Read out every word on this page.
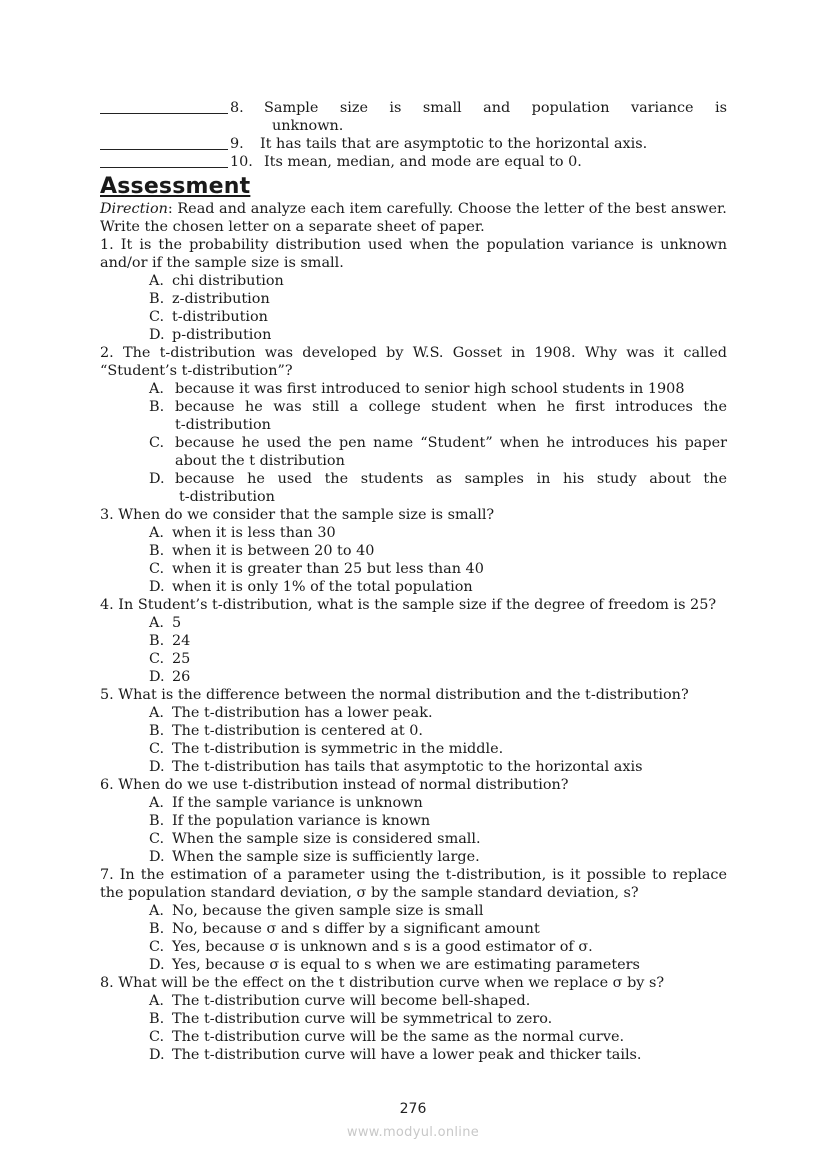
8.	Sample size is small and population variance is
unknown.
9.	It has tails that are asymptotic to the horizontal axis.
10. Its mean, median, and mode are equal to 0.
Assessment
Direction: Read and analyze each item carefully. Choose the letter of the best answer.
Write the chosen letter on a separate sheet of paper.
1. It is the probability distribution used when the population variance is unknown
and/or if the sample size is small.
A. chi distribution
B. z-distribution
C. t-distribution
D. p-distribution
2. The t-distribution was developed by W.S. Gosset in 1908. Why was it called
“Student’s t-distribution”?
A. because it was first introduced to senior high school students in 1908
B. because he was still a college student when he first introduces the
t-distribution
C. because he used the pen name “Student” when he introduces his paper
about the t distribution
D. because he used the students as samples in his study about the
t-distribution
3. When do we consider that the sample size is small?
A. when it is less than 30
B. when it is between 20 to 40
C. when it is greater than 25 but less than 40
D. when it is only 1% of the total population
4. In Student’s t-distribution, what is the sample size if the degree of freedom is 25?
A. 5
B. 24
C. 25
D. 26
5. What is the difference between the normal distribution and the t-distribution?
A. The t-distribution has a lower peak.
B. The t-distribution is centered at 0.
C. The t-distribution is symmetric in the middle.
D. The t-distribution has tails that asymptotic to the horizontal axis
6. When do we use t-distribution instead of normal distribution?
A. If the sample variance is unknown
B. If the population variance is known
C. When the sample size is considered small.
D. When the sample size is sufficiently large.
7. In the estimation of a parameter using the t-distribution, is it possible to replace
the population standard deviation, σ by the sample standard deviation, s?
A. No, because the given sample size is small
B. No, because σ and s differ by a significant amount
C. Yes, because σ is unknown and s is a good estimator of σ.
D. Yes, because σ is equal to s when we are estimating parameters
8. What will be the effect on the t distribution curve when we replace σ by s?
A. The t-distribution curve will become bell-shaped.
B. The t-distribution curve will be symmetrical to zero.
C. The t-distribution curve will be the same as the normal curve.
D. The t-distribution curve will have a lower peak and thicker tails.
276
www.modyul.online
